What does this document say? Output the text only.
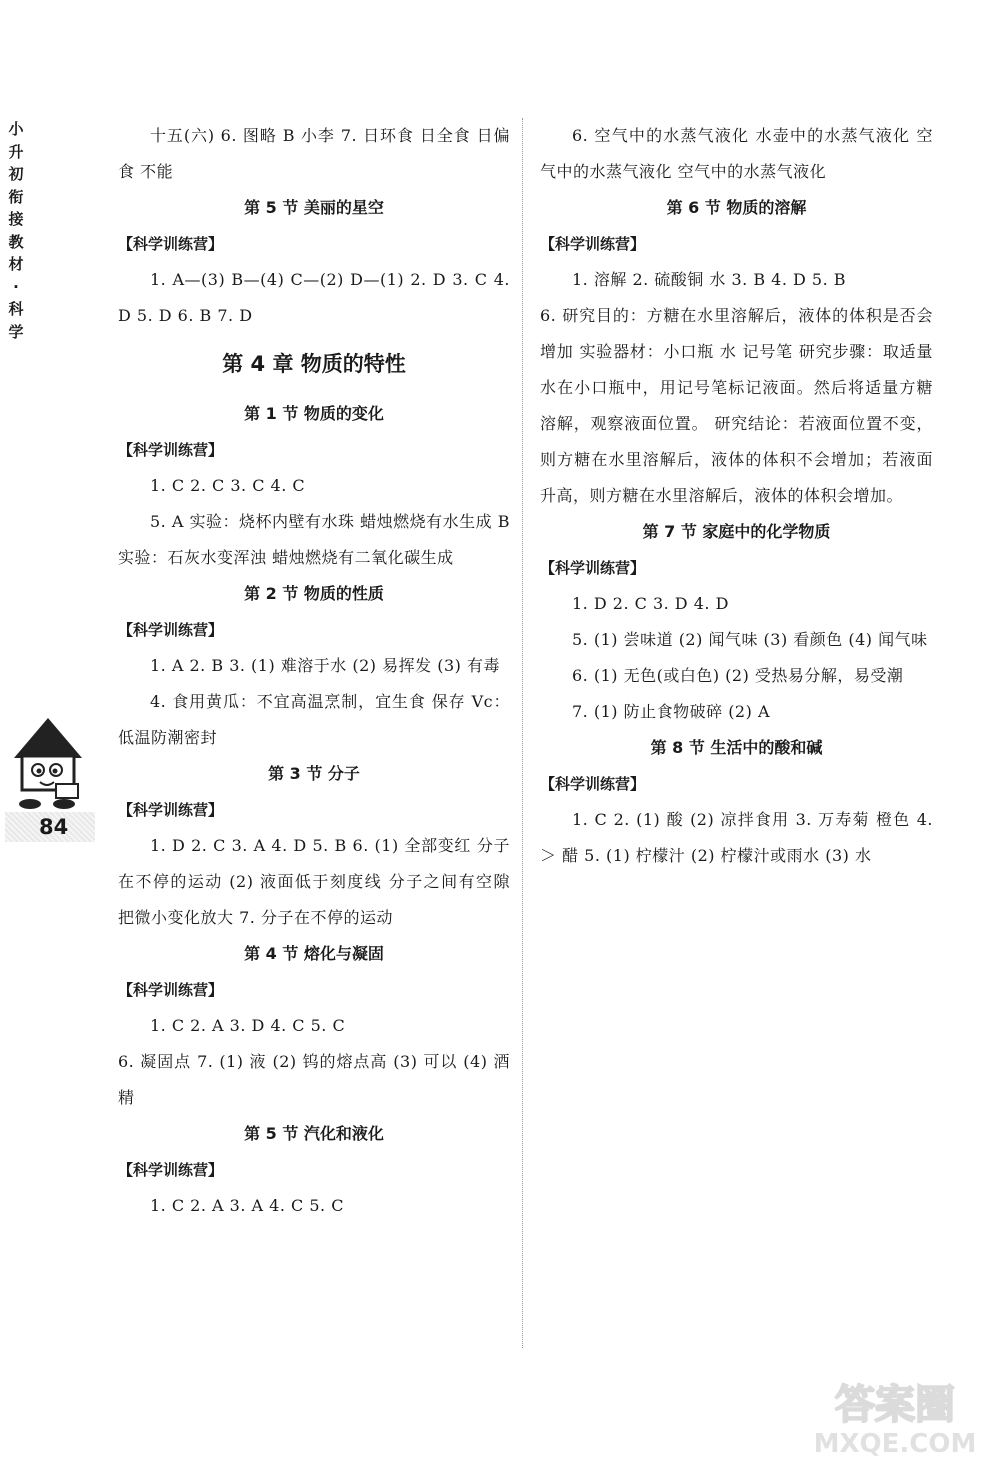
小
升
初
衔
接
教
材
·
科
学
84

十五(六) 6. 图略 B 小李 7. 日环食 日全食 日偏食 不能

第 5 节 美丽的星空

【科学训练营】

1. A—(3) B—(4) C—(2) D—(1) 2. D 3. C 4. D 5. D 6. B 7. D

第 4 章 物质的特性

第 1 节 物质的变化

【科学训练营】

1. C 2. C 3. C 4. C

5. A 实验：烧杯内壁有水珠 蜡烛燃烧有水生成 B 实验：石灰水变浑浊 蜡烛燃烧有二氧化碳生成

第 2 节 物质的性质

【科学训练营】

1. A 2. B 3. (1) 难溶于水 (2) 易挥发 (3) 有毒

4. 食用黄瓜：不宜高温烹制，宜生食 保存 Vc：低温防潮密封

第 3 节 分子

【科学训练营】

1. D 2. C 3. A 4. D 5. B 6. (1) 全部变红 分子在不停的运动 (2) 液面低于刻度线 分子之间有空隙 把微小变化放大 7. 分子在不停的运动

第 4 节 熔化与凝固

【科学训练营】

1. C 2. A 3. D 4. C 5. C

6. 凝固点 7. (1) 液 (2) 钨的熔点高 (3) 可以 (4) 酒精

第 5 节 汽化和液化

【科学训练营】

1. C 2. A 3. A 4. C 5. C

6. 空气中的水蒸气液化 水壶中的水蒸气液化 空气中的水蒸气液化 空气中的水蒸气液化

第 6 节 物质的溶解

【科学训练营】

1. 溶解 2. 硫酸铜 水 3. B 4. D 5. B

6. 研究目的：方糖在水里溶解后，液体的体积是否会增加 实验器材：小口瓶 水 记号笔 研究步骤：取适量水在小口瓶中，用记号笔标记液面。然后将适量方糖溶解，观察液面位置。 研究结论：若液面位置不变，则方糖在水里溶解后，液体的体积不会增加；若液面升高，则方糖在水里溶解后，液体的体积会增加。

第 7 节 家庭中的化学物质

【科学训练营】

1. D 2. C 3. D 4. D

5. (1) 尝味道 (2) 闻气味 (3) 看颜色 (4) 闻气味

6. (1) 无色(或白色) (2) 受热易分解，易受潮

7. (1) 防止食物破碎 (2) A

第 8 节 生活中的酸和碱

【科学训练营】

1. C 2. (1) 酸 (2) 凉拌食用 3. 万寿菊 橙色 4. ＞ 醋 5. (1) 柠檬汁 (2) 柠檬汁或雨水 (3) 水

答案圈
MXQE.COM
